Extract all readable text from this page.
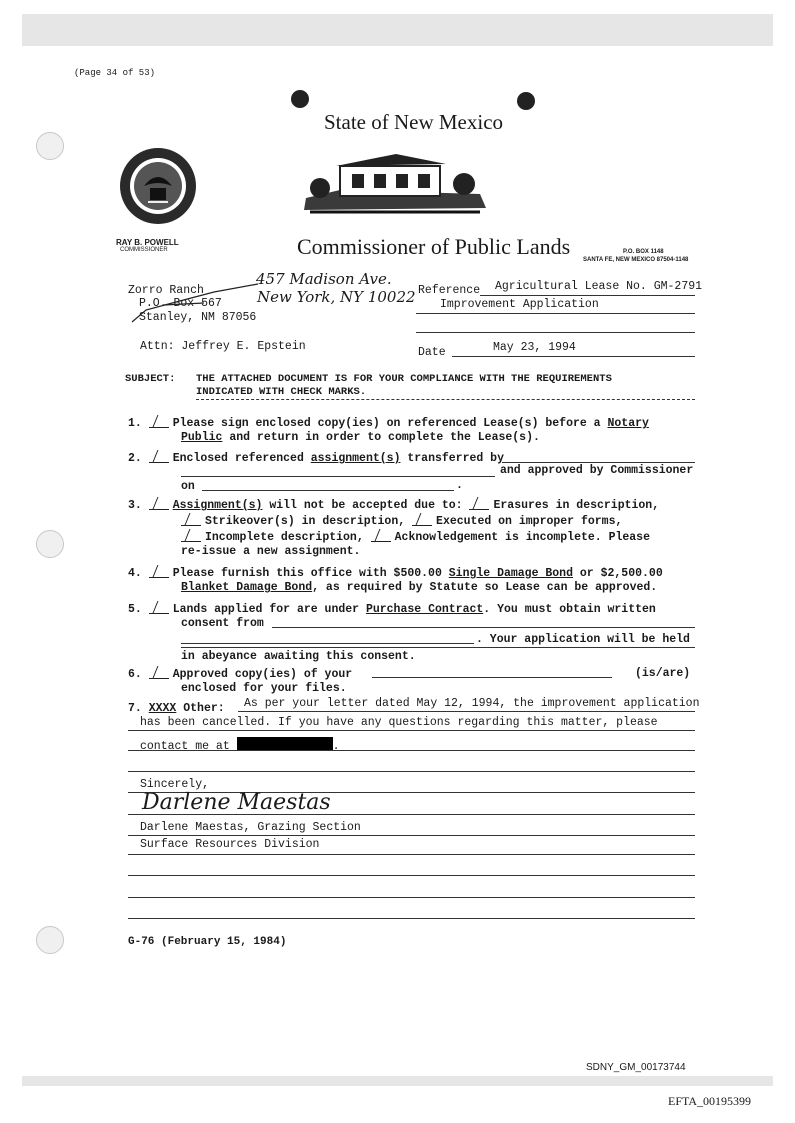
(Page 34 of 53)
State of New Mexico
RAY B. POWELL
COMMISSIONER	Commissioner of Public Lands	P.O. BOX 1148
SANTA FE, NEW MEXICO 87504-1148
Zorro Ranch
P.O. Box 567
Stanley, NM 87056
457 Madison Ave.
New York, NY 10022
Attn: Jeffrey E. Epstein
Reference Agricultural Lease No. GM-2791
Improvement Application
Date	May 23, 1994
SUBJECT: THE ATTACHED DOCUMENT IS FOR YOUR COMPLIANCE WITH THE REQUIREMENTS
INDICATED WITH CHECK MARKS.
1.	Please sign enclosed copy(ies) on referenced Lease(s) before a Notary
Public and return in order to complete the Lease(s).
2.	Enclosed referenced assignment(s) transferred by
and approved by Commissioner
on	.
3.	Assignment(s) will not be accepted due to:	Erasures in description,
Strikeover(s) in description,	Executed on improper forms,
Incomplete description,	Acknowledgement is incomplete. Please
re-issue a new assignment.
4.	Please furnish this office with $500.00 Single Damage Bond or $2,500.00
Blanket Damage Bond, as required by Statute so Lease can be approved.
5.	Lands applied for are under Purchase Contract. You must obtain written
consent from
. Your application will be held
in abeyance awaiting this consent.
6.	Approved copy(ies) of your	(is/are)
enclosed for your files.
7. XXXX Other: As per your letter dated May 12, 1994, the improvement application
has been cancelled. If you have any questions regarding this matter, please
contact me at	.
Sincerely,
Darlene Maestas
Darlene Maestas, Grazing Section
Surface Resources Division
G-76 (February 15, 1984)
SDNY_GM_00173744
EFTA_00195399
